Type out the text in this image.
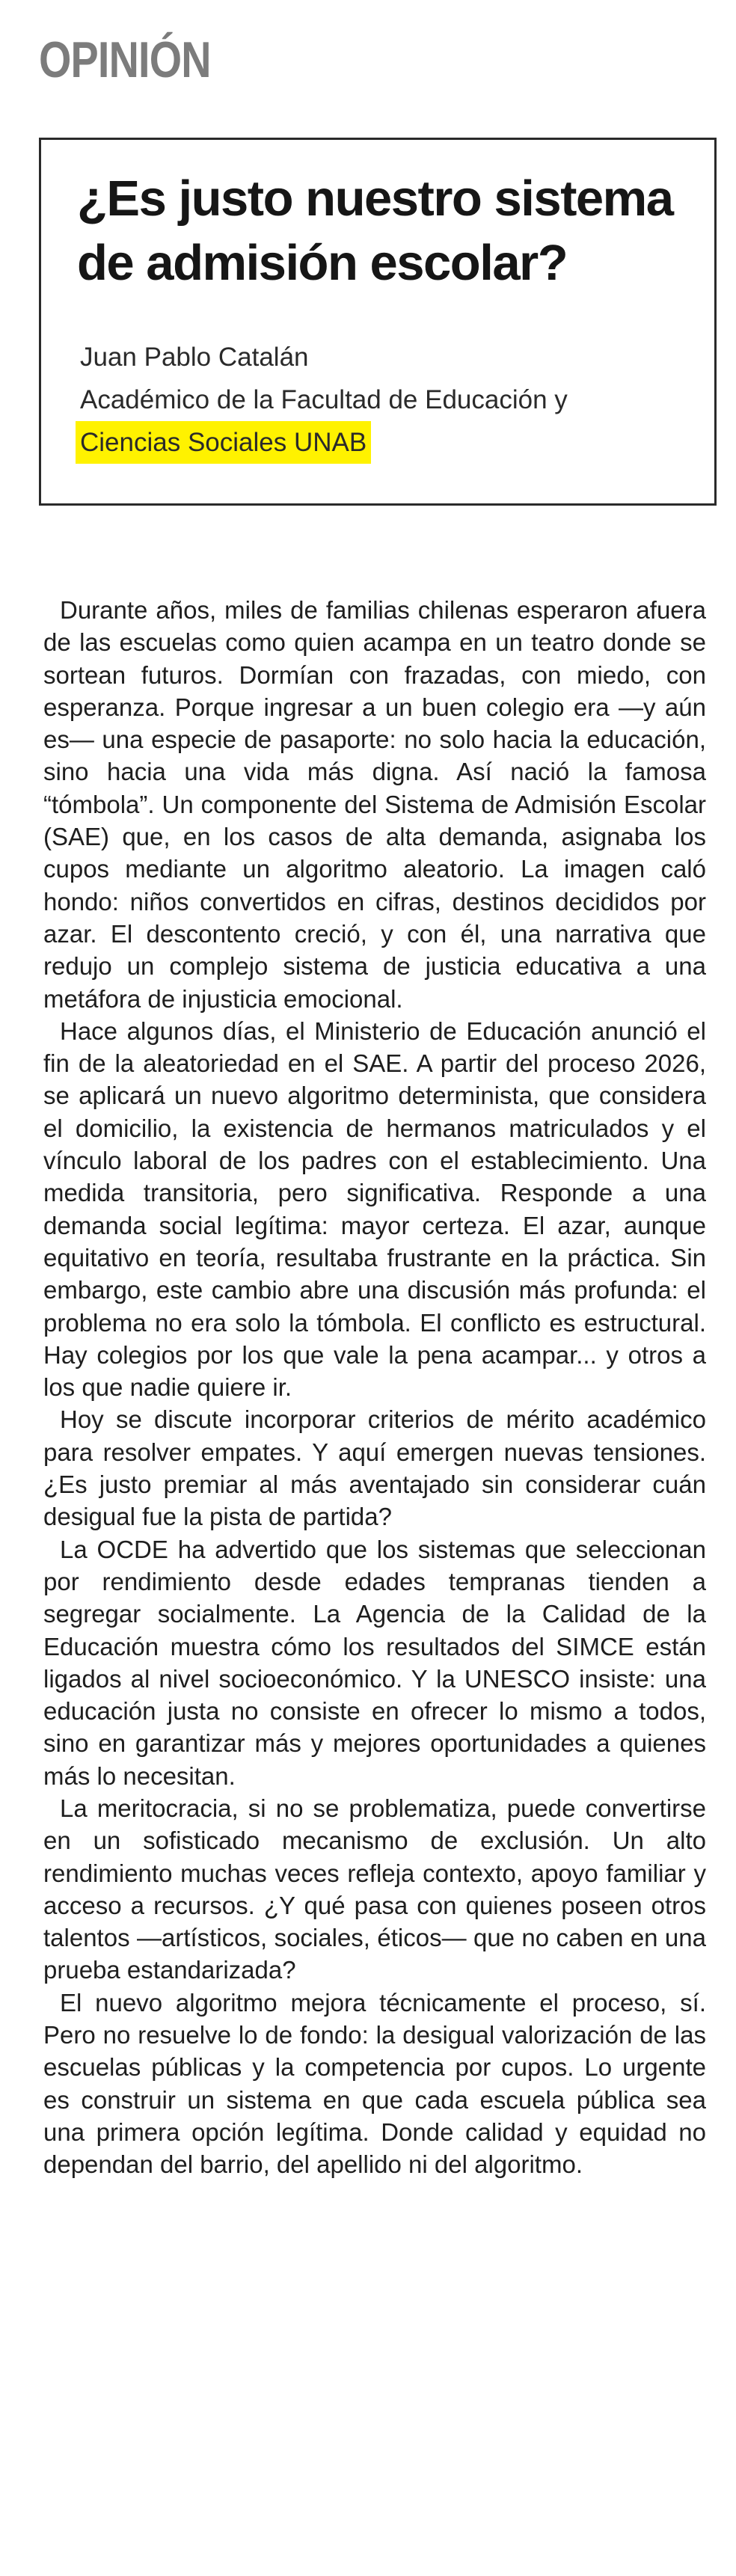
OPINIÓN
¿Es justo nuestro sistema de admisión escolar?
Juan Pablo Catalán
Académico de la Facultad de Educación y
Ciencias Sociales UNAB

Durante años, miles de familias chilenas esperaron afuera de las escuelas como quien acampa en un teatro donde se sortean futuros. Dormían con frazadas, con miedo, con esperanza. Porque ingresar a un buen colegio era —y aún es— una especie de pasaporte: no solo hacia la educación, sino hacia una vida más digna. Así nació la famosa “tómbola”. Un componente del Sistema de Admisión Escolar (SAE) que, en los casos de alta demanda, asignaba los cupos mediante un algoritmo aleatorio. La imagen caló hondo: niños convertidos en cifras, destinos decididos por azar. El descontento creció, y con él, una narrativa que redujo un complejo sistema de justicia educativa a una metáfora de injusticia emocional.

Hace algunos días, el Ministerio de Educación anunció el fin de la aleatoriedad en el SAE. A partir del proceso 2026, se aplicará un nuevo algoritmo determinista, que considera el domicilio, la existencia de hermanos matriculados y el vínculo laboral de los padres con el establecimiento. Una medida transitoria, pero significativa. Responde a una demanda social legítima: mayor certeza. El azar, aunque equitativo en teoría, resultaba frustrante en la práctica. Sin embargo, este cambio abre una discusión más profunda: el problema no era solo la tómbola. El conflicto es estructural. Hay colegios por los que vale la pena acampar... y otros a los que nadie quiere ir.

Hoy se discute incorporar criterios de mérito académico para resolver empates. Y aquí emergen nuevas tensiones. ¿Es justo premiar al más aventajado sin considerar cuán desigual fue la pista de partida?

La OCDE ha advertido que los sistemas que seleccionan por rendimiento desde edades tempranas tienden a segregar socialmente. La Agencia de la Calidad de la Educación muestra cómo los resultados del SIMCE están ligados al nivel socioeconómico. Y la UNESCO insiste: una educación justa no consiste en ofrecer lo mismo a todos, sino en garantizar más y mejores oportunidades a quienes más lo necesitan.

La meritocracia, si no se problematiza, puede convertirse en un sofisticado mecanismo de exclusión. Un alto rendimiento muchas veces refleja contexto, apoyo familiar y acceso a recursos. ¿Y qué pasa con quienes poseen otros talentos —artísticos, sociales, éticos— que no caben en una prueba estandarizada?

El nuevo algoritmo mejora técnicamente el proceso, sí. Pero no resuelve lo de fondo: la desigual valorización de las escuelas públicas y la competencia por cupos. Lo urgente es construir un sistema en que cada escuela pública sea una primera opción legítima. Donde calidad y equidad no dependan del barrio, del apellido ni del algoritmo.
